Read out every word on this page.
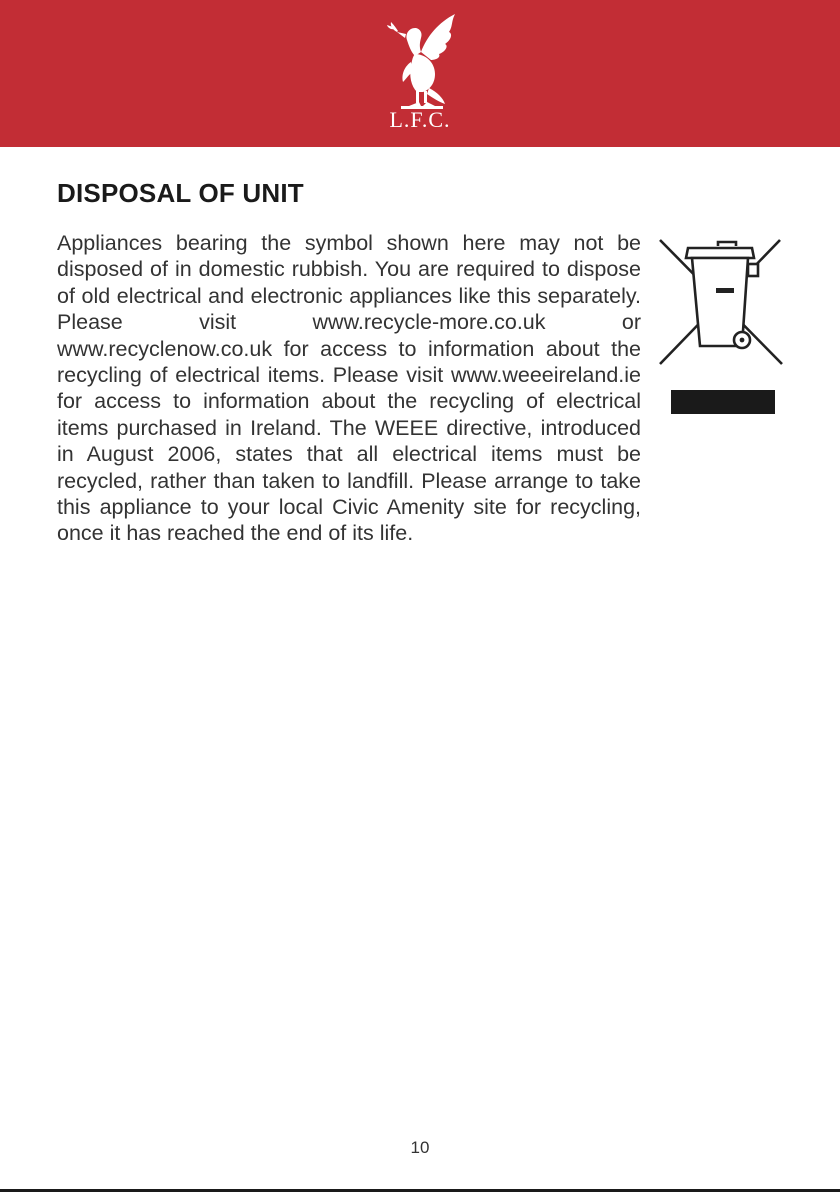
L.F.C.
DISPOSAL OF UNIT

Appliances bearing the symbol shown here may not be disposed of in domestic rubbish. You are required to dispose of old electrical and electronic appliances like this separately. Please visit www.recycle-more.co.uk or www.recyclenow.co.uk for access to information about the recycling of electrical items. Please visit www.weeeireland.ie for access to information about the recycling of electrical items purchased in Ireland. The WEEE directive, introduced in August 2006, states that all electrical items must be recycled, rather than taken to landfill. Please arrange to take this appliance to your local Civic Amenity site for recycling, once it has reached the end of its life.

10
